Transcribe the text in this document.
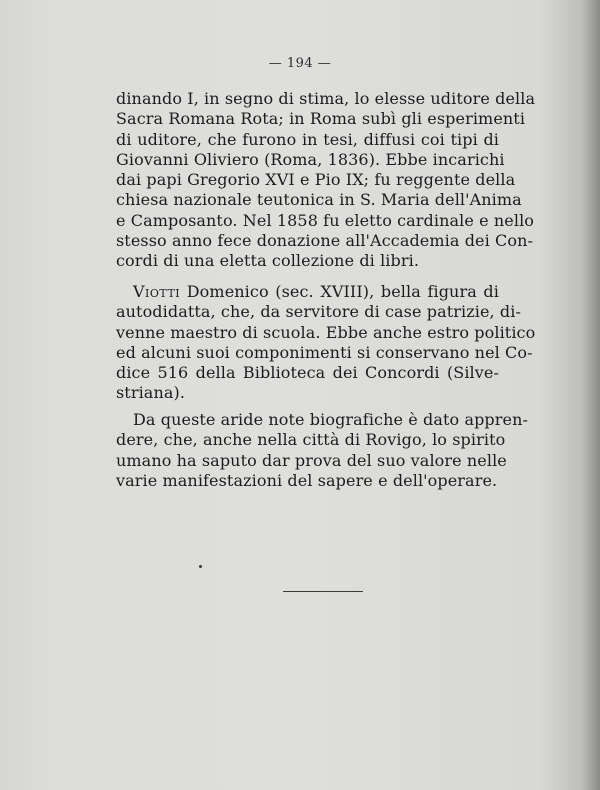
— 194 —
dinando I, in segno di stima, lo elesse uditore della
Sacra Romana Rota; in Roma subì gli esperimenti
di uditore, che furono in tesi, diffusi coi tipi di
Giovanni Oliviero (Roma, 1836). Ebbe incarichi
dai papi Gregorio XVI e Pio IX; fu reggente della
chiesa nazionale teutonica in S. Maria dell'Anima
e Camposanto. Nel 1858 fu eletto cardinale e nello
stesso anno fece donazione all'Accademia dei Con-
cordi di una eletta collezione di libri.
Viotti Domenico (sec. XVIII), bella figura di
autodidatta, che, da servitore di case patrizie, di-
venne maestro di scuola. Ebbe anche estro politico
ed alcuni suoi componimenti si conservano nel Co-
dice 516 della Biblioteca dei Concordi (Silve-
striana).
Da queste aride note biografiche è dato appren-
dere, che, anche nella città di Rovigo, lo spirito
umano ha saputo dar prova del suo valore nelle
varie manifestazioni del sapere e dell'operare.
